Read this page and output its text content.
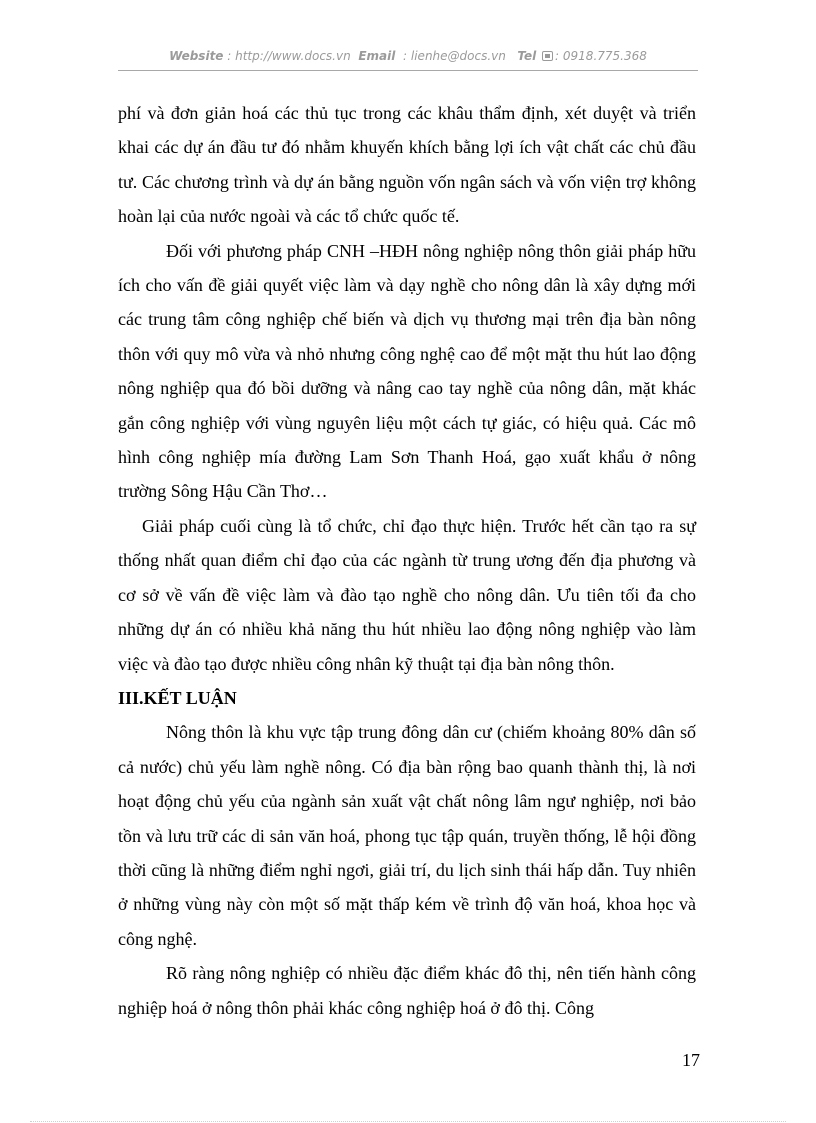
Website : http://www.docs.vn Email : lienhe@docs.vn Tel : 0918.775.368

phí và đơn giản hoá các thủ tục trong các khâu thẩm định, xét duyệt và triển khai các dự án đầu tư đó nhằm khuyến khích bằng lợi ích vật chất các chủ đầu tư. Các chương trình và dự án bằng nguồn vốn ngân sách và vốn viện trợ không hoàn lại của nước ngoài và các tổ chức quốc tế.

Đối với phương pháp CNH –HĐH nông nghiệp nông thôn giải pháp hữu ích cho vấn đề giải quyết việc làm và dạy nghề cho nông dân là xây dựng mới các trung tâm công nghiệp chế biến và dịch vụ thương mại trên địa bàn nông thôn với quy mô vừa và nhỏ nhưng công nghệ cao để một mặt thu hút lao động nông nghiệp qua đó bồi dưỡng và nâng cao tay nghề của nông dân, mặt khác gắn công nghiệp với vùng nguyên liệu một cách tự giác, có hiệu quả. Các mô hình công nghiệp mía đường Lam Sơn Thanh Hoá, gạo xuất khẩu ở nông trường Sông Hậu Cần Thơ…

Giải pháp cuối cùng là tổ chức, chỉ đạo thực hiện. Trước hết cần tạo ra sự thống nhất quan điểm chỉ đạo của các ngành từ trung ương đến địa phương và cơ sở về vấn đề việc làm và đào tạo nghề cho nông dân. Ưu tiên tối đa cho những dự án có nhiều khả năng thu hút nhiều lao động nông nghiệp vào làm việc và đào tạo được nhiều công nhân kỹ thuật tại địa bàn nông thôn.

III.KẾT LUẬN

Nông thôn là khu vực tập trung đông dân cư (chiếm khoảng 80% dân số cả nước) chủ yếu làm nghề nông. Có địa bàn rộng bao quanh thành thị, là nơi hoạt động chủ yếu của ngành sản xuất vật chất nông lâm ngư nghiệp, nơi bảo tồn và lưu trữ các di sản văn hoá, phong tục tập quán, truyền thống, lễ hội đồng thời cũng là những điểm nghỉ ngơi, giải trí, du lịch sinh thái hấp dẫn. Tuy nhiên ở những vùng này còn một số mặt thấp kém về trình độ văn hoá, khoa học và công nghệ.

Rõ ràng nông nghiệp có nhiều đặc điểm khác đô thị, nên tiến hành công nghiệp hoá ở nông thôn phải khác công nghiệp hoá ở đô thị. Công

17
